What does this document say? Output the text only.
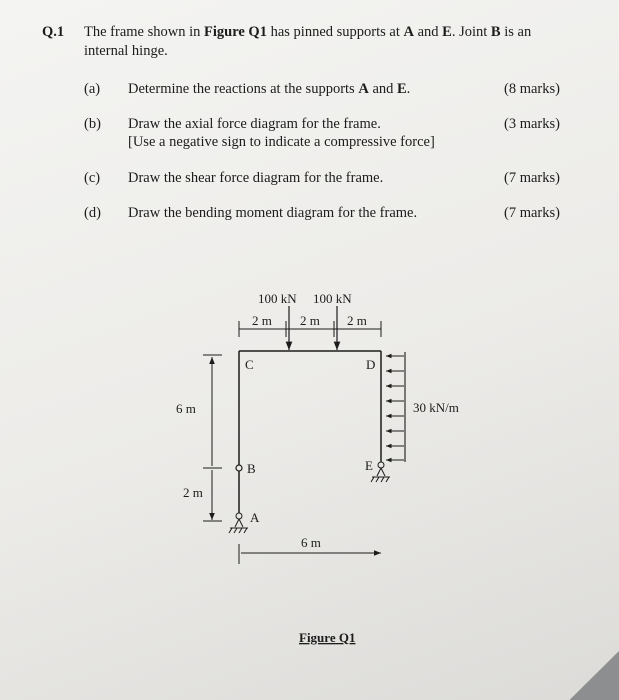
Q.1 The frame shown in Figure Q1 has pinned supports at A and E. Joint B is an
internal hinge.
(a) Determine the reactions at the supports A and E.	(8 marks)
(b) Draw the axial force diagram for the frame.
[Use a negative sign to indicate a compressive force]
(3 marks)
(c) Draw the shear force diagram for the frame.	(7 marks)
(d) Draw the bending moment diagram for the frame.	(7 marks)
100 kN 100 kN
2 m 2 m 2 m
C	D
B
A
E
30 kN/m
6 m
2 m
6 m
Figure Q1
